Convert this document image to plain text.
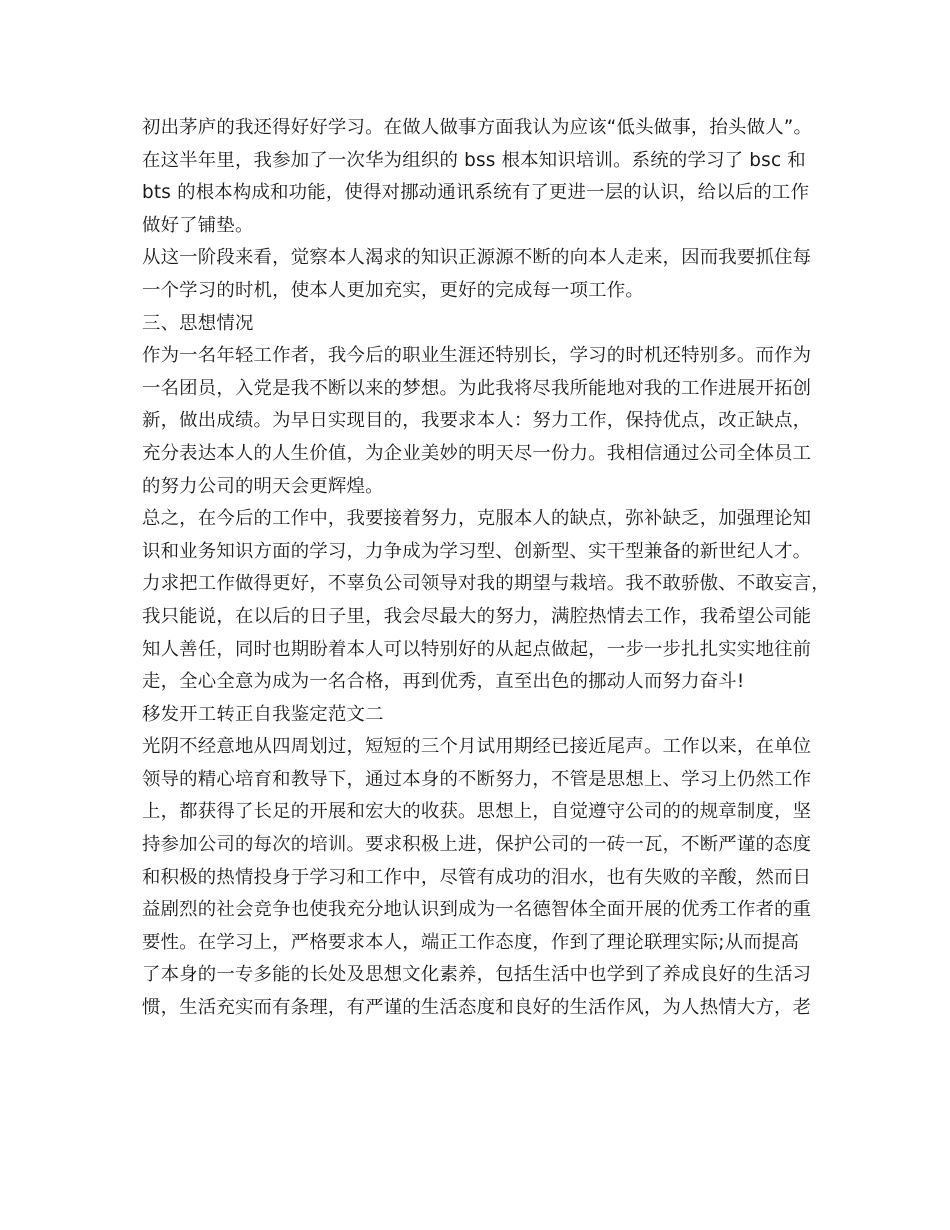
初出茅庐的我还得好好学习。在做人做事方面我认为应该“低头做事，抬头做人”。
在这半年里，我参加了一次华为组织的 bss 根本知识培训。系统的学习了 bsc 和
bts 的根本构成和功能，使得对挪动通讯系统有了更进一层的认识，给以后的工作
做好了铺垫。
从这一阶段来看，觉察本人渴求的知识正源源不断的向本人走来，因而我要抓住每
一个学习的时机，使本人更加充实，更好的完成每一项工作。
三、思想情况
作为一名年轻工作者，我今后的职业生涯还特别长，学习的时机还特别多。而作为
一名团员，入党是我不断以来的梦想。为此我将尽我所能地对我的工作进展开拓创
新，做出成绩。为早日实现目的，我要求本人：努力工作，保持优点，改正缺点，
充分表达本人的人生价值，为企业美妙的明天尽一份力。我相信通过公司全体员工
的努力公司的明天会更辉煌。
总之，在今后的工作中，我要接着努力，克服本人的缺点，弥补缺乏，加强理论知
识和业务知识方面的学习，力争成为学习型、创新型、实干型兼备的新世纪人才。
力求把工作做得更好，不辜负公司领导对我的期望与栽培。我不敢骄傲、不敢妄言，
我只能说，在以后的日子里，我会尽最大的努力，满腔热情去工作，我希望公司能
知人善任，同时也期盼着本人可以特别好的从起点做起，一步一步扎扎实实地往前
走，全心全意为成为一名合格，再到优秀，直至出色的挪动人而努力奋斗!
移发开工转正自我鉴定范文二
光阴不经意地从四周划过，短短的三个月试用期经已接近尾声。工作以来，在单位
领导的精心培育和教导下，通过本身的不断努力，不管是思想上、学习上仍然工作
上，都获得了长足的开展和宏大的收获。思想上，自觉遵守公司的的规章制度，坚
持参加公司的每次的培训。要求积极上进，保护公司的一砖一瓦，不断严谨的态度
和积极的热情投身于学习和工作中，尽管有成功的泪水，也有失败的辛酸，然而日
益剧烈的社会竞争也使我充分地认识到成为一名德智体全面开展的优秀工作者的重
要性。在学习上，严格要求本人，端正工作态度，作到了理论联理实际;从而提高
了本身的一专多能的长处及思想文化素养，包括生活中也学到了养成良好的生活习
惯，生活充实而有条理，有严谨的生活态度和良好的生活作风，为人热情大方，老
